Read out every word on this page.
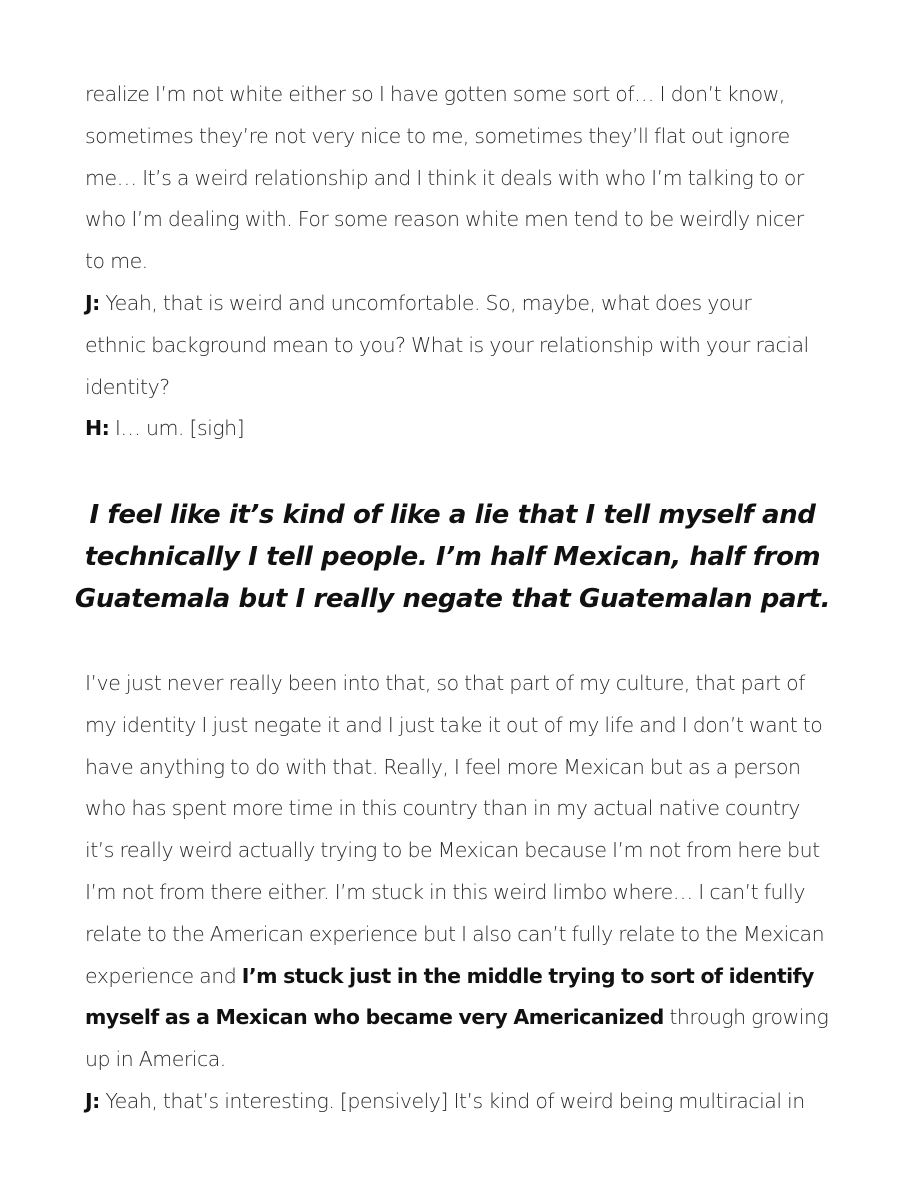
realize I’m not white either so I have gotten some sort of… I don’t know,
sometimes they’re not very nice to me, sometimes they’ll flat out ignore
me… It’s a weird relationship and I think it deals with who I’m talking to or
who I’m dealing with. For some reason white men tend to be weirdly nicer
to me.
J: Yeah, that is weird and uncomfortable. So, maybe, what does your
ethnic background mean to you? What is your relationship with your racial
identity?
H: I… um. [sigh]
I feel like it’s kind of like a lie that I tell myself and
technically I tell people. I’m half Mexican, half from
Guatemala but I really negate that Guatemalan part.
I’ve just never really been into that, so that part of my culture, that part of
my identity I just negate it and I just take it out of my life and I don’t want to
have anything to do with that. Really, I feel more Mexican but as a person
who has spent more time in this country than in my actual native country
it’s really weird actually trying to be Mexican because I’m not from here but
I’m not from there either. I’m stuck in this weird limbo where… I can’t fully
relate to the American experience but I also can’t fully relate to the Mexican
experience and I’m stuck just in the middle trying to sort of identify
myself as a Mexican who became very Americanized through growing
up in America.
J: Yeah, that’s interesting. [pensively] It’s kind of weird being multiracial in
